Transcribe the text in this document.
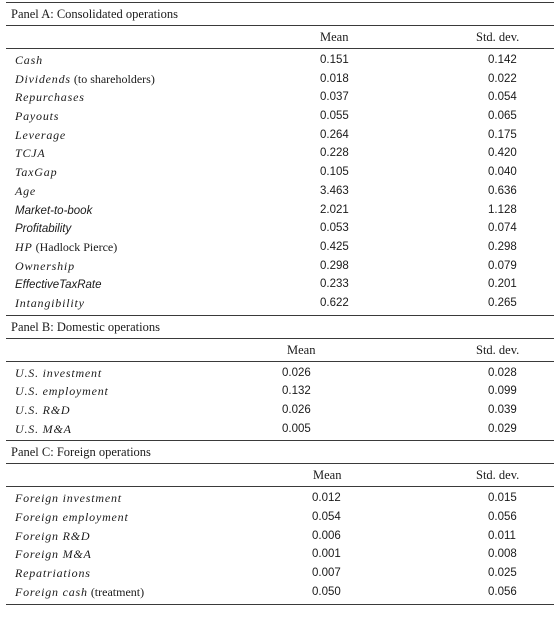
Panel A: Consolidated operations
Mean	Std. dev.
Cash	0.151	0.142
Dividends (to shareholders)	0.018	0.022
Repurchases	0.037	0.054
Payouts	0.055	0.065
Leverage	0.264	0.175
TCJA	0.228	0.420
TaxGap	0.105	0.040
Age	3.463	0.636
Market-to-book	2.021	1.128
Profitability	0.053	0.074
HP (Hadlock Pierce)	0.425	0.298
Ownership	0.298	0.079
EffectiveTaxRate	0.233	0.201
Intangibility	0.622	0.265
Panel B: Domestic operations
Mean	Std. dev.
U.S. investment	0.026	0.028
U.S. employment	0.132	0.099
U.S. R&D	0.026	0.039
U.S. M&A	0.005	0.029
Panel C: Foreign operations
Mean	Std. dev.
Foreign investment	0.012	0.015
Foreign employment	0.054	0.056
Foreign R&D	0.006	0.011
Foreign M&A	0.001	0.008
Repatriations	0.007	0.025
Foreign cash (treatment)	0.050	0.056
